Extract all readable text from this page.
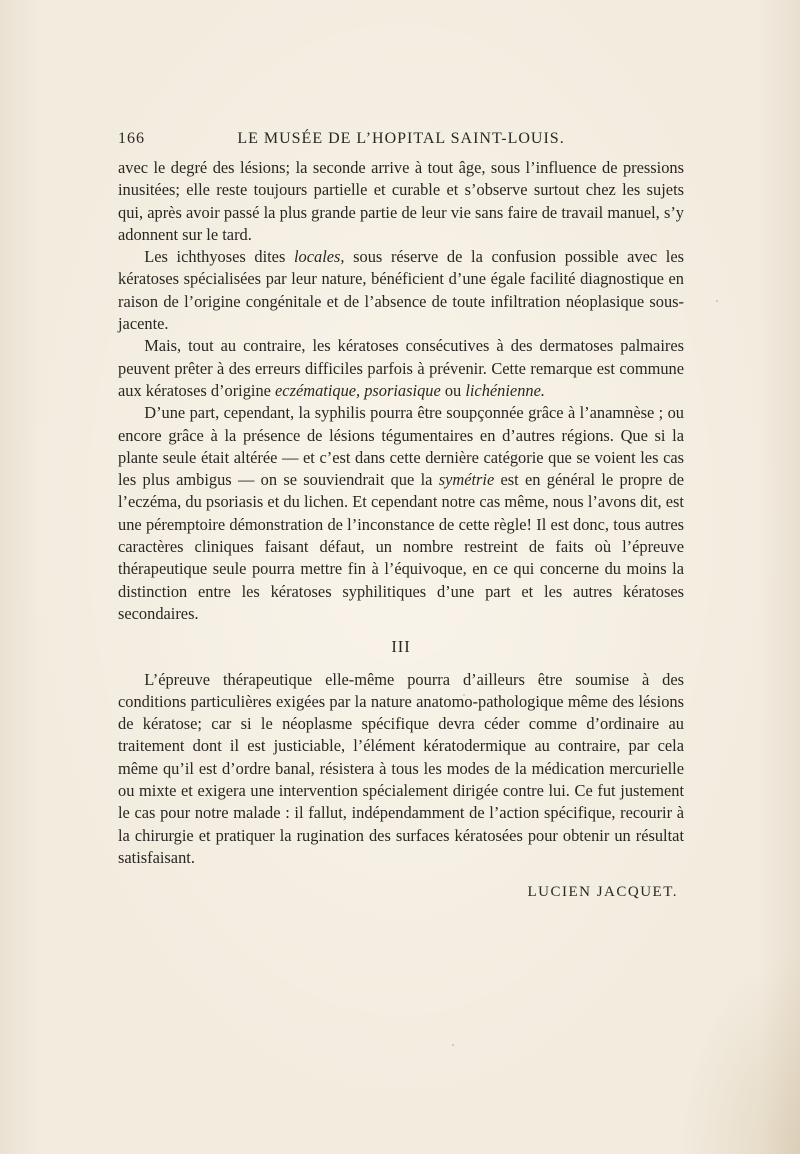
166	LE MUSÉE DE L’HOPITAL SAINT-LOUIS.

avec le degré des lésions; la seconde arrive à tout âge, sous l’influence de pressions inusitées; elle reste toujours partielle et curable et s’observe surtout chez les sujets qui, après avoir passé la plus grande partie de leur vie sans faire de travail manuel, s’y adonnent sur le tard.

Les ichthyoses dites locales, sous réserve de la confusion possible avec les kératoses spécialisées par leur nature, bénéficient d’une égale facilité diagnostique en raison de l’origine congénitale et de l’absence de toute infiltration néoplasique sous-jacente.

Mais, tout au contraire, les kératoses consécutives à des dermatoses palmaires peuvent prêter à des erreurs difficiles parfois à prévenir. Cette remarque est commune aux kératoses d’origine eczématique, psoriasique ou lichénienne.

D’une part, cependant, la syphilis pourra être soupçonnée grâce à l’anamnèse ; ou encore grâce à la présence de lésions tégumentaires en d’autres régions. Que si la plante seule était altérée — et c’est dans cette dernière catégorie que se voient les cas les plus ambigus — on se souviendrait que la symétrie est en général le propre de l’eczéma, du psoriasis et du lichen. Et cependant notre cas même, nous l’avons dit, est une péremptoire démonstration de l’inconstance de cette règle! Il est donc, tous autres caractères cliniques faisant défaut, un nombre restreint de faits où l’épreuve thérapeutique seule pourra mettre fin à l’équivoque, en ce qui concerne du moins la distinction entre les kératoses syphilitiques d’une part et les autres kératoses secondaires.

III

L’épreuve thérapeutique elle-même pourra d’ailleurs être soumise à des conditions particulières exigées par la nature anatomo-pathologique même des lésions de kératose; car si le néoplasme spécifique devra céder comme d’ordinaire au traitement dont il est justiciable, l’élément kératodermique au contraire, par cela même qu’il est d’ordre banal, résistera à tous les modes de la médication mercurielle ou mixte et exigera une intervention spécialement dirigée contre lui. Ce fut justement le cas pour notre malade : il fallut, indépendamment de l’action spécifique, recourir à la chirurgie et pratiquer la rugination des surfaces kératosées pour obtenir un résultat satisfaisant.

LUCIEN JACQUET.
